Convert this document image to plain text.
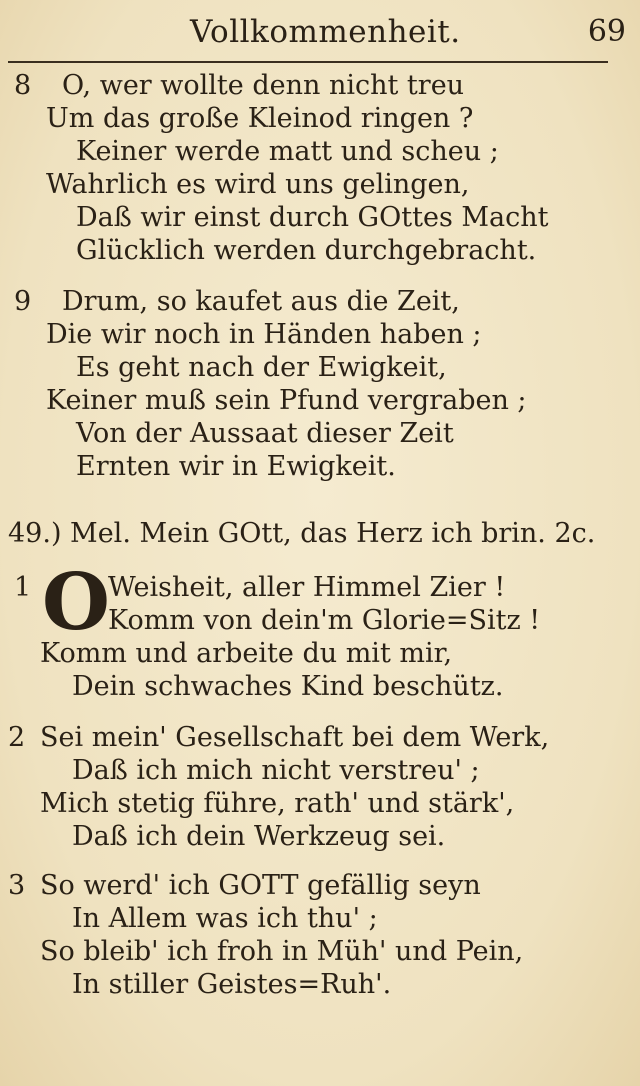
Vollkommenheit.	69
8 O, wer wollte denn nicht treu
Um das große Kleinod ringen ?
Keiner werde matt und scheu ;
Wahrlich es wird uns gelingen,
Daß wir einst durch GOttes Macht
Glücklich werden durchgebracht.
9 Drum, so kaufet aus die Zeit,
Die wir noch in Händen haben ;
Es geht nach der Ewigkeit,
Keiner muß sein Pfund vergraben ;
Von der Aussaat dieser Zeit
Ernten wir in Ewigkeit.
49.) Mel. Mein GOtt, das Herz ich brin. 2c.
1 O
Weisheit, aller Himmel Zier !
Komm von dein'm Glorie=Sitz !
Komm und arbeite du mit mir,
Dein schwaches Kind beschütz.
2 Sei mein' Gesellschaft bei dem Werk,
Daß ich mich nicht verstreu' ;
Mich stetig führe, rath' und stärk',
Daß ich dein Werkzeug sei.
3 So werd' ich GOTT gefällig seyn
In Allem was ich thu' ;
So bleib' ich froh in Müh' und Pein,
In stiller Geistes=Ruh'.
